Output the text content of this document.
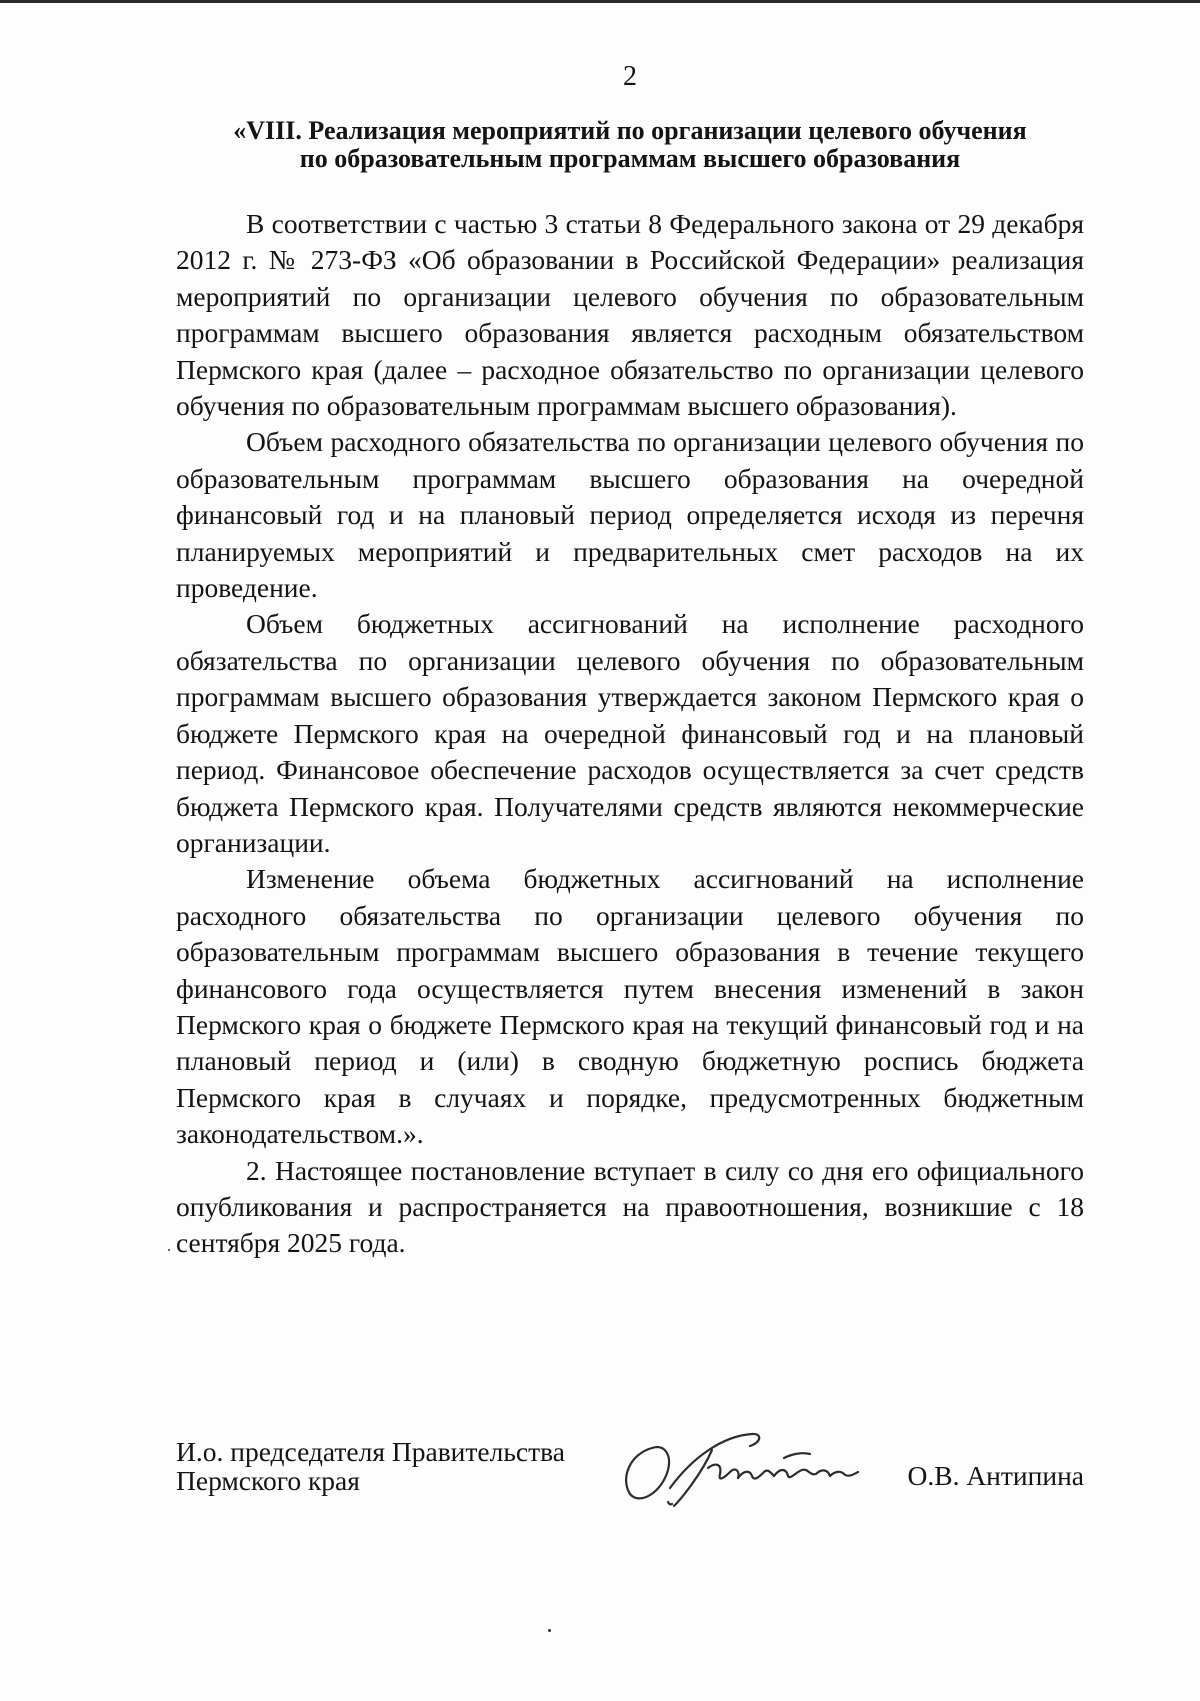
2
«VIII. Реализация мероприятий по организации целевого обучения
по образовательным программам высшего образования

В соответствии с частью 3 статьи 8 Федерального закона от 29 декабря 2012 г. № 273-ФЗ «Об образовании в Российской Федерации» реализация мероприятий по организации целевого обучения по образовательным программам высшего образования является расходным обязательством Пермского края (далее – расходное обязательство по организации целевого обучения по образовательным программам высшего образования).

Объем расходного обязательства по организации целевого обучения по образовательным программам высшего образования на очередной финансовый год и на плановый период определяется исходя из перечня планируемых мероприятий и предварительных смет расходов на их проведение.

Объем бюджетных ассигнований на исполнение расходного обязательства по организации целевого обучения по образовательным программам высшего образования утверждается законом Пермского края о бюджете Пермского края на очередной финансовый год и на плановый период. Финансовое обеспечение расходов осуществляется за счет средств бюджета Пермского края. Получателями средств являются некоммерческие организации.

Изменение объема бюджетных ассигнований на исполнение расходного обязательства по организации целевого обучения по образовательным программам высшего образования в течение текущего финансового года осуществляется путем внесения изменений в закон Пермского края о бюджете Пермского края на текущий финансовый год и на плановый период и (или) в сводную бюджетную роспись бюджета Пермского края в случаях и порядке, предусмотренных бюджетным законодательством.».

2. Настоящее постановление вступает в силу со дня его официального опубликования и распространяется на правоотношения, возникшие с 18 сентября 2025 года.

И.о. председателя Правительства
Пермского края	О.В. Антипина
